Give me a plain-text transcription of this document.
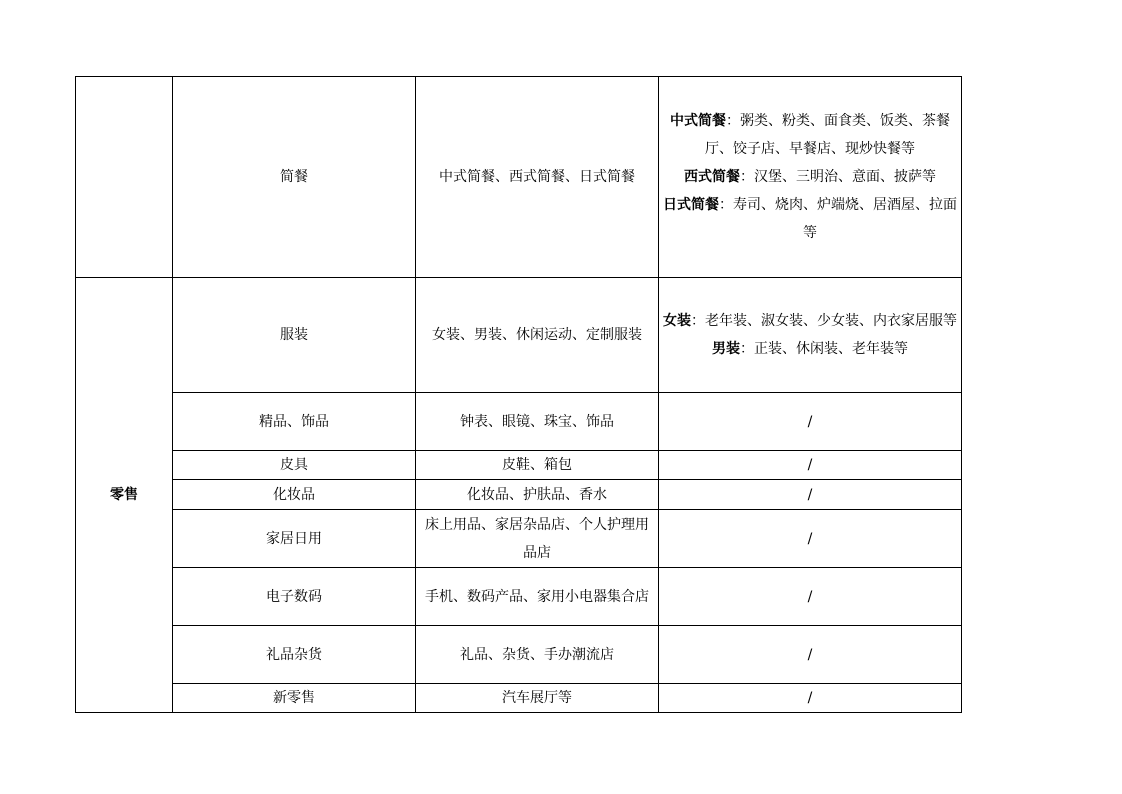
	简餐	中式简餐、西式简餐、日式简餐	中式简餐：粥类、粉类、面食类、饭类、茶餐厅、饺子店、早餐店、现炒快餐等
西式简餐：汉堡、三明治、意面、披萨等
日式简餐：寿司、烧肉、炉端烧、居酒屋、拉面等

零售	服装	女装、男装、休闲运动、定制服装	女装：老年装、淑女装、少女装、内衣家居服等
男装：正装、休闲装、老年装等

	精品、饰品	钟表、眼镜、珠宝、饰品	/
	皮具	皮鞋、箱包	/
	化妆品	化妆品、护肤品、香水	/
	家居日用	床上用品、家居杂品店、个人护理用品店	/
	电子数码	手机、数码产品、家用小电器集合店	/
	礼品杂货	礼品、杂货、手办潮流店	/
	新零售	汽车展厅等	/
